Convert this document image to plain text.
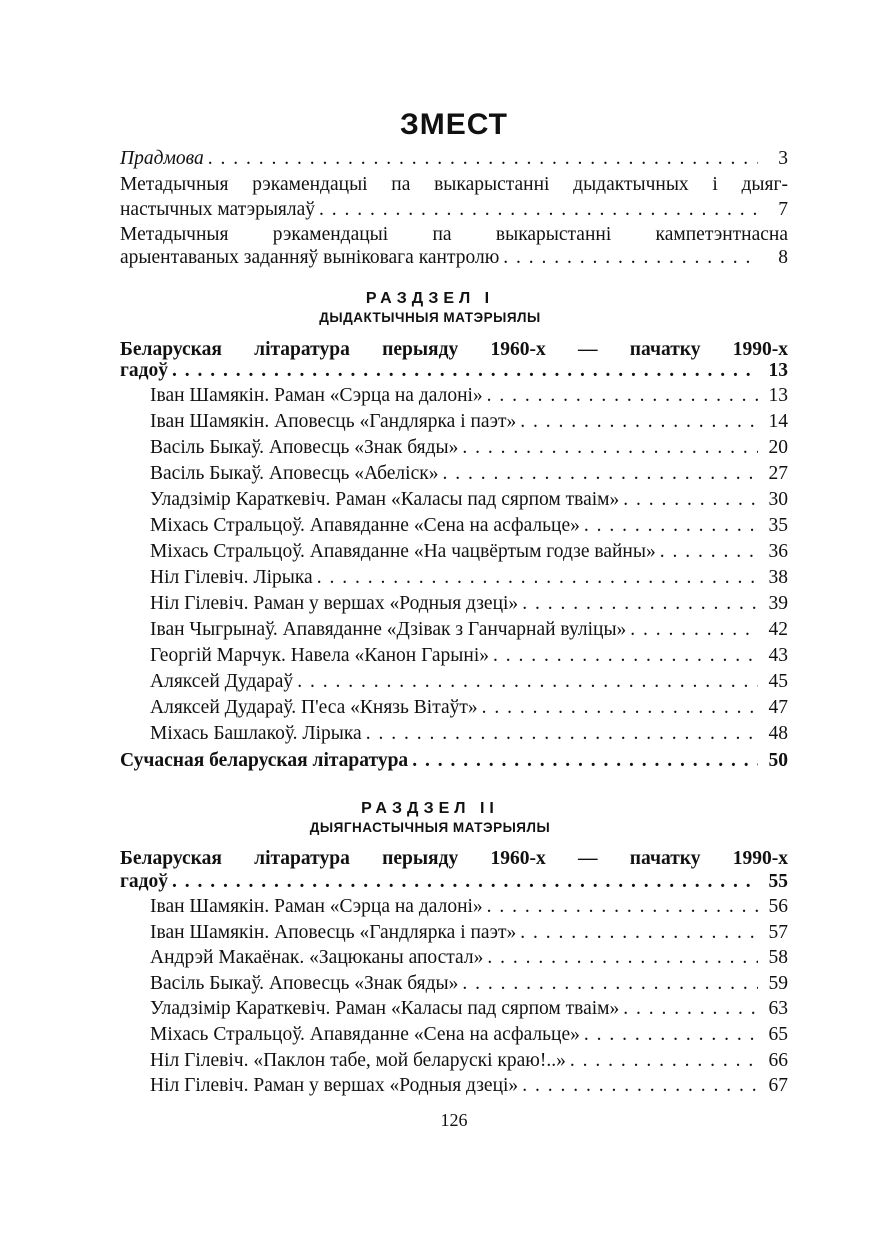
ЗМЕСТ
Прадмова . . .	3
Метадычныя рэкамендацыі па выкарыстанні дыдактычных і дыяг-
настычных матэрыялаў . . .	7
Метадычныя рэкамендацыі па выкарыстанні кампетэнтнасна
арыентаваных заданняў выніковага кантролю . . .	8
РАЗДЗЕЛ І
ДЫДАКТЫЧНЫЯ МАТЭРЫЯЛЫ
Беларуская літаратура перыяду 1960-х — пачатку 1990-х
гадоў . . .	13
Іван Шамякін. Раман «Сэрца на далоні» . . .	13
Іван Шамякін. Аповесць «Гандлярка і паэт» . . .	14
Васіль Быкаў. Аповесць «Знак бяды» . . .	20
Васіль Быкаў. Аповесць «Абеліск» . . .	27
Уладзімір Караткевіч. Раман «Каласы пад сярпом тваім» . . .	30
Міхась Стральцоў. Апавяданне «Сена на асфальце» . . .	35
Міхась Стральцоў. Апавяданне «На чацвёртым годзе вайны» . . .	36
Ніл Гілевіч. Лірыка . . .	38
Ніл Гілевіч. Раман у вершах «Родныя дзеці» . . .	39
Іван Чыгрынаў. Апавяданне «Дзівак з Ганчарнай вуліцы» . . .	42
Георгій Марчук. Навела «Канон Гарыні» . . .	43
Аляксей Дудараў . . .	45
Аляксей Дудараў. П'еса «Князь Вітаўт» . . .	47
Міхась Башлакоў. Лірыка . . .	48
Сучасная беларуская літаратура . . .	50
РАЗДЗЕЛ ІІ
ДЫЯГНАСТЫЧНЫЯ МАТЭРЫЯЛЫ
Беларуская літаратура перыяду 1960-х — пачатку 1990-х
гадоў . . .	55
Іван Шамякін. Раман «Сэрца на далоні» . . .	56
Іван Шамякін. Аповесць «Гандлярка і паэт» . . .	57
Андрэй Макаёнак. «Зацюканы апостал» . . .	58
Васіль Быкаў. Аповесць «Знак бяды» . . .	59
Уладзімір Караткевіч. Раман «Каласы пад сярпом тваім» . . .	63
Міхась Стральцоў. Апавяданне «Сена на асфальце» . . .	65
Ніл Гілевіч. «Паклон табе, мой беларускі краю!..» . . .	66
Ніл Гілевіч. Раман у вершах «Родныя дзеці» . . .	67
126
